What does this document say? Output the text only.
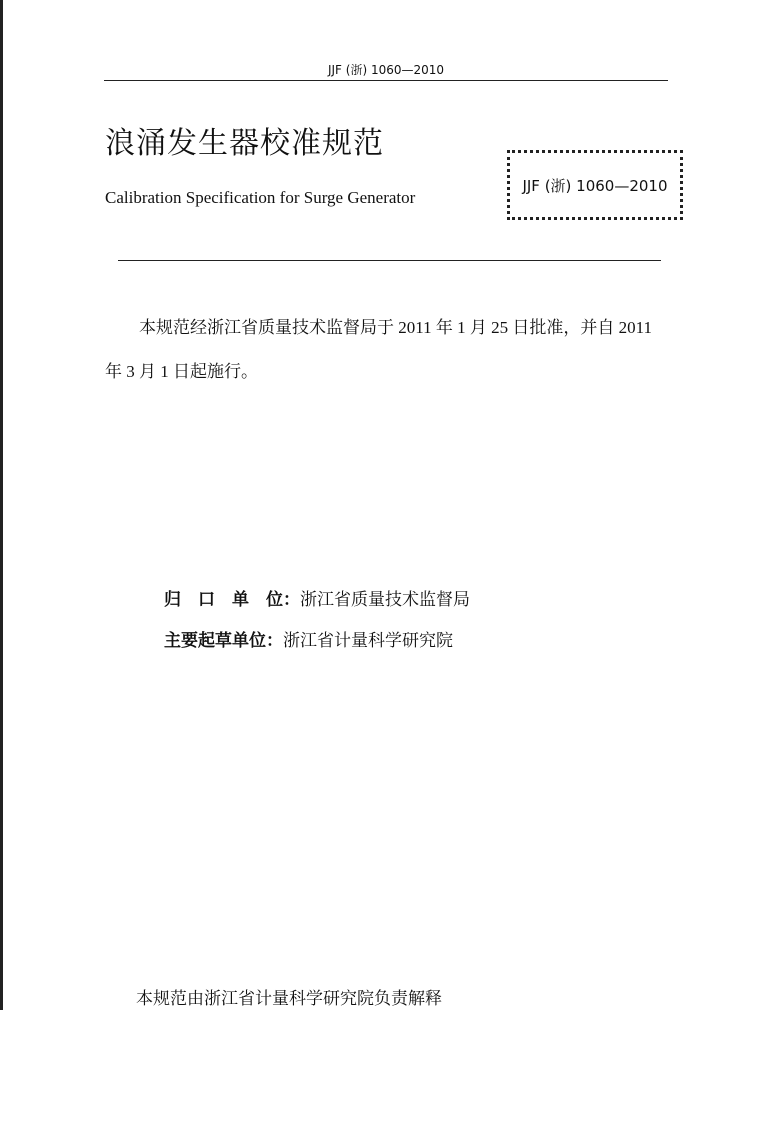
JJF (浙) 1060—2010
浪涌发生器校准规范
Calibration Specification for Surge Generator
JJF (浙) 1060—2010
本规范经浙江省质量技术监督局于 2011 年 1 月 25 日批准，并自 2011 年 3 月 1 日起施行。
归　口　单　位：浙江省质量技术监督局
主要起草单位：浙江省计量科学研究院
本规范由浙江省计量科学研究院负责解释
